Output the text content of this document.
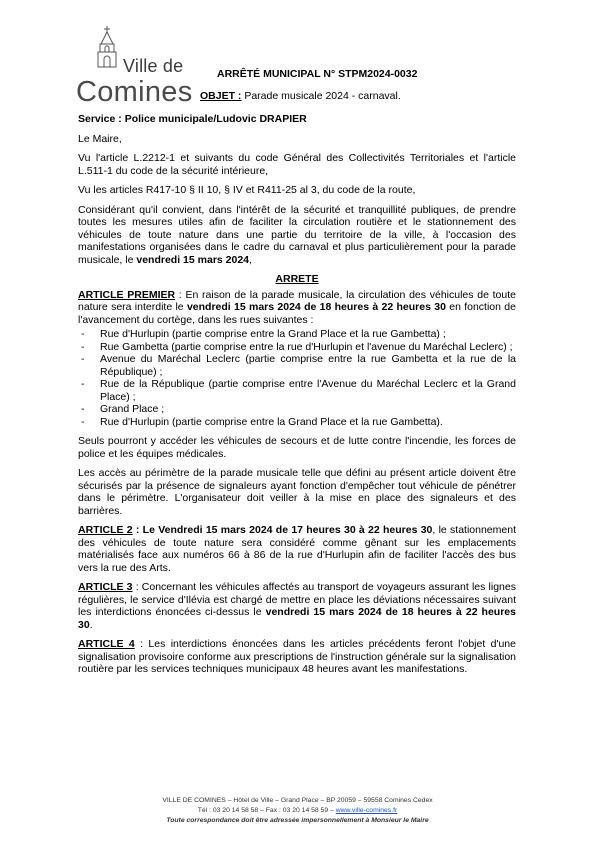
Ville de
Comines
ARRÊTÉ MUNICIPAL N° STPM2024-0032
OBJET : Parade musicale 2024 - carnaval.

Service : Police municipale/Ludovic DRAPIER

Le Maire,

Vu l'article L.2212-1 et suivants du code Général des Collectivités Territoriales et l'article L.511-1 du code de la sécurité intérieure,

Vu les articles R417-10 § II 10, § IV et R411-25 al 3, du code de la route,

Considérant qu'il convient, dans l'intérêt de la sécurité et tranquillité publiques, de prendre toutes les mesures utiles afin de faciliter la circulation routière et le stationnement des véhicules de toute nature dans une partie du territoire de la ville, à l'occasion des manifestations organisées dans le cadre du carnaval et plus particulièrement pour la parade musicale, le vendredi 15 mars 2024,

ARRETE

ARTICLE PREMIER : En raison de la parade musicale, la circulation des véhicules de toute nature sera interdite le vendredi 15 mars 2024 de 18 heures à 22 heures 30 en fonction de l'avancement du cortège, dans les rues suivantes :

- Rue d'Hurlupin (partie comprise entre la Grand Place et la rue Gambetta) ;
- Rue Gambetta (partie comprise entre la rue d'Hurlupin et l'avenue du Maréchal Leclerc) ;
- Avenue du Maréchal Leclerc (partie comprise entre la rue Gambetta et la rue de la République) ;
- Rue de la République (partie comprise entre l'Avenue du Maréchal Leclerc et la Grand Place) ;
- Grand Place ;
- Rue d'Hurlupin (partie comprise entre la Grand Place et la rue Gambetta).

Seuls pourront y accéder les véhicules de secours et de lutte contre l'incendie, les forces de police et les équipes médicales.

Les accès au périmètre de la parade musicale telle que défini au présent article doivent être sécurisés par la présence de signaleurs ayant fonction d'empêcher tout véhicule de pénétrer dans le périmètre. L'organisateur doit veiller à la mise en place des signaleurs et des barrières.

ARTICLE 2 : Le Vendredi 15 mars 2024 de 17 heures 30 à 22 heures 30, le stationnement des véhicules de toute nature sera considéré comme gênant sur les emplacements matérialisés face aux numéros 66 à 86 de la rue d'Hurlupin afin de faciliter l'accès des bus vers la rue des Arts.

ARTICLE 3 : Concernant les véhicules affectés au transport de voyageurs assurant les lignes régulières, le service d'Ilévia est chargé de mettre en place les déviations nécessaires suivant les interdictions énoncées ci-dessus le vendredi 15 mars 2024 de 18 heures à 22 heures 30.

ARTICLE 4 : Les interdictions énoncées dans les articles précédents feront l'objet d'une signalisation provisoire conforme aux prescriptions de l'instruction générale sur la signalisation routière par les services techniques municipaux 48 heures avant les manifestations.

VILLE DE COMINES – Hôtel de Ville – Grand Place – BP 20059 – 59558 Comines Cedex
Tél : 03 20 14 58 58 – Fax : 03 20 14 58 59 – www.ville-comines.fr
Toute correspondance doit être adressée impersonnellement à Monsieur le Maire
